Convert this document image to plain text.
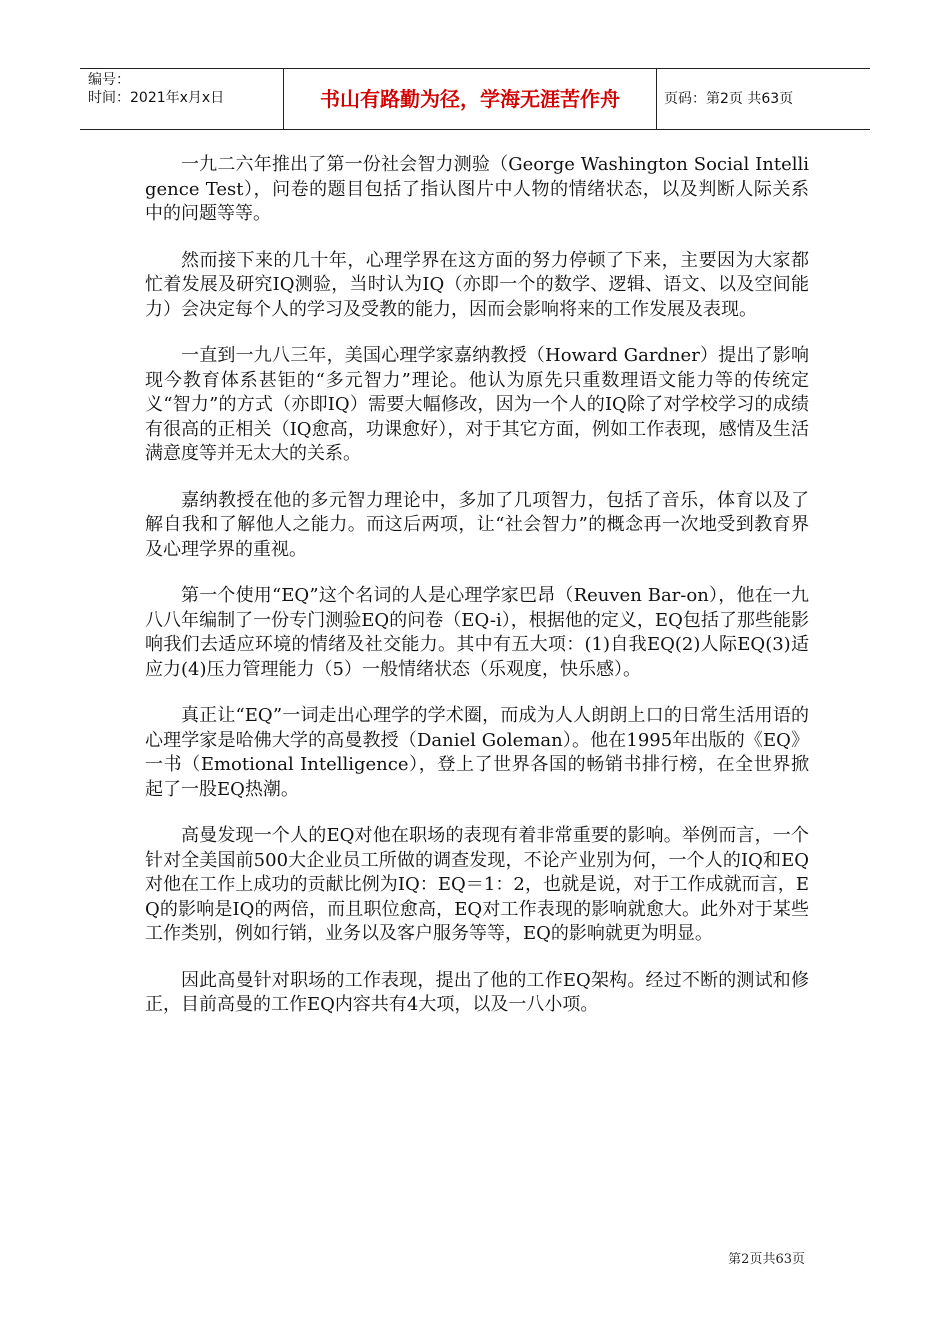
编号：
时间：2021年x月x日	书山有路勤为径，学海无涯苦作舟	页码：第2页 共63页

一九二六年推出了第一份社会智力测验（George Washington Social Intelligence Test），问卷的题目包括了指认图片中人物的情绪状态，以及判断人际关系中的问题等等。

然而接下来的几十年，心理学界在这方面的努力停顿了下来，主要因为大家都忙着发展及研究IQ测验，当时认为IQ（亦即一个的数学、逻辑、语文、以及空间能力）会决定每个人的学习及受教的能力，因而会影响将来的工作发展及表现。

一直到一九八三年，美国心理学家嘉纳教授（Howard Gardner）提出了影响现今教育体系甚钜的“多元智力”理论。他认为原先只重数理语文能力等的传统定义“智力”的方式（亦即IQ）需要大幅修改，因为一个人的IQ除了对学校学习的成绩有很高的正相关（IQ愈高，功课愈好），对于其它方面，例如工作表现，感情及生活满意度等并无太大的关系。

嘉纳教授在他的多元智力理论中，多加了几项智力，包括了音乐，体育以及了解自我和了解他人之能力。而这后两项，让“社会智力”的概念再一次地受到教育界及心理学界的重视。

第一个使用“EQ”这个名词的人是心理学家巴昂（Reuven Bar-on），他在一九八八年编制了一份专门测验EQ的问卷（EQ-i），根据他的定义，EQ包括了那些能影响我们去适应环境的情绪及社交能力。其中有五大项：(1)自我EQ(2)人际EQ(3)适应力(4)压力管理能力（5）一般情绪状态（乐观度，快乐感）。

真正让“EQ”一词走出心理学的学术圈，而成为人人朗朗上口的日常生活用语的心理学家是哈佛大学的高曼教授（Daniel Goleman）。他在1995年出版的《EQ》一书（Emotional Intelligence），登上了世界各国的畅销书排行榜，在全世界掀起了一股EQ热潮。

高曼发现一个人的EQ对他在职场的表现有着非常重要的影响。举例而言，一个针对全美国前500大企业员工所做的调查发现，不论产业别为何，一个人的IQ和EQ对他在工作上成功的贡献比例为IQ：EQ＝1：2，也就是说，对于工作成就而言，EQ的影响是IQ的两倍，而且职位愈高，EQ对工作表现的影响就愈大。此外对于某些工作类别，例如行销，业务以及客户服务等等，EQ的影响就更为明显。

因此高曼针对职场的工作表现，提出了他的工作EQ架构。经过不断的测试和修正，目前高曼的工作EQ内容共有4大项，以及一八小项。

第2页共63页
